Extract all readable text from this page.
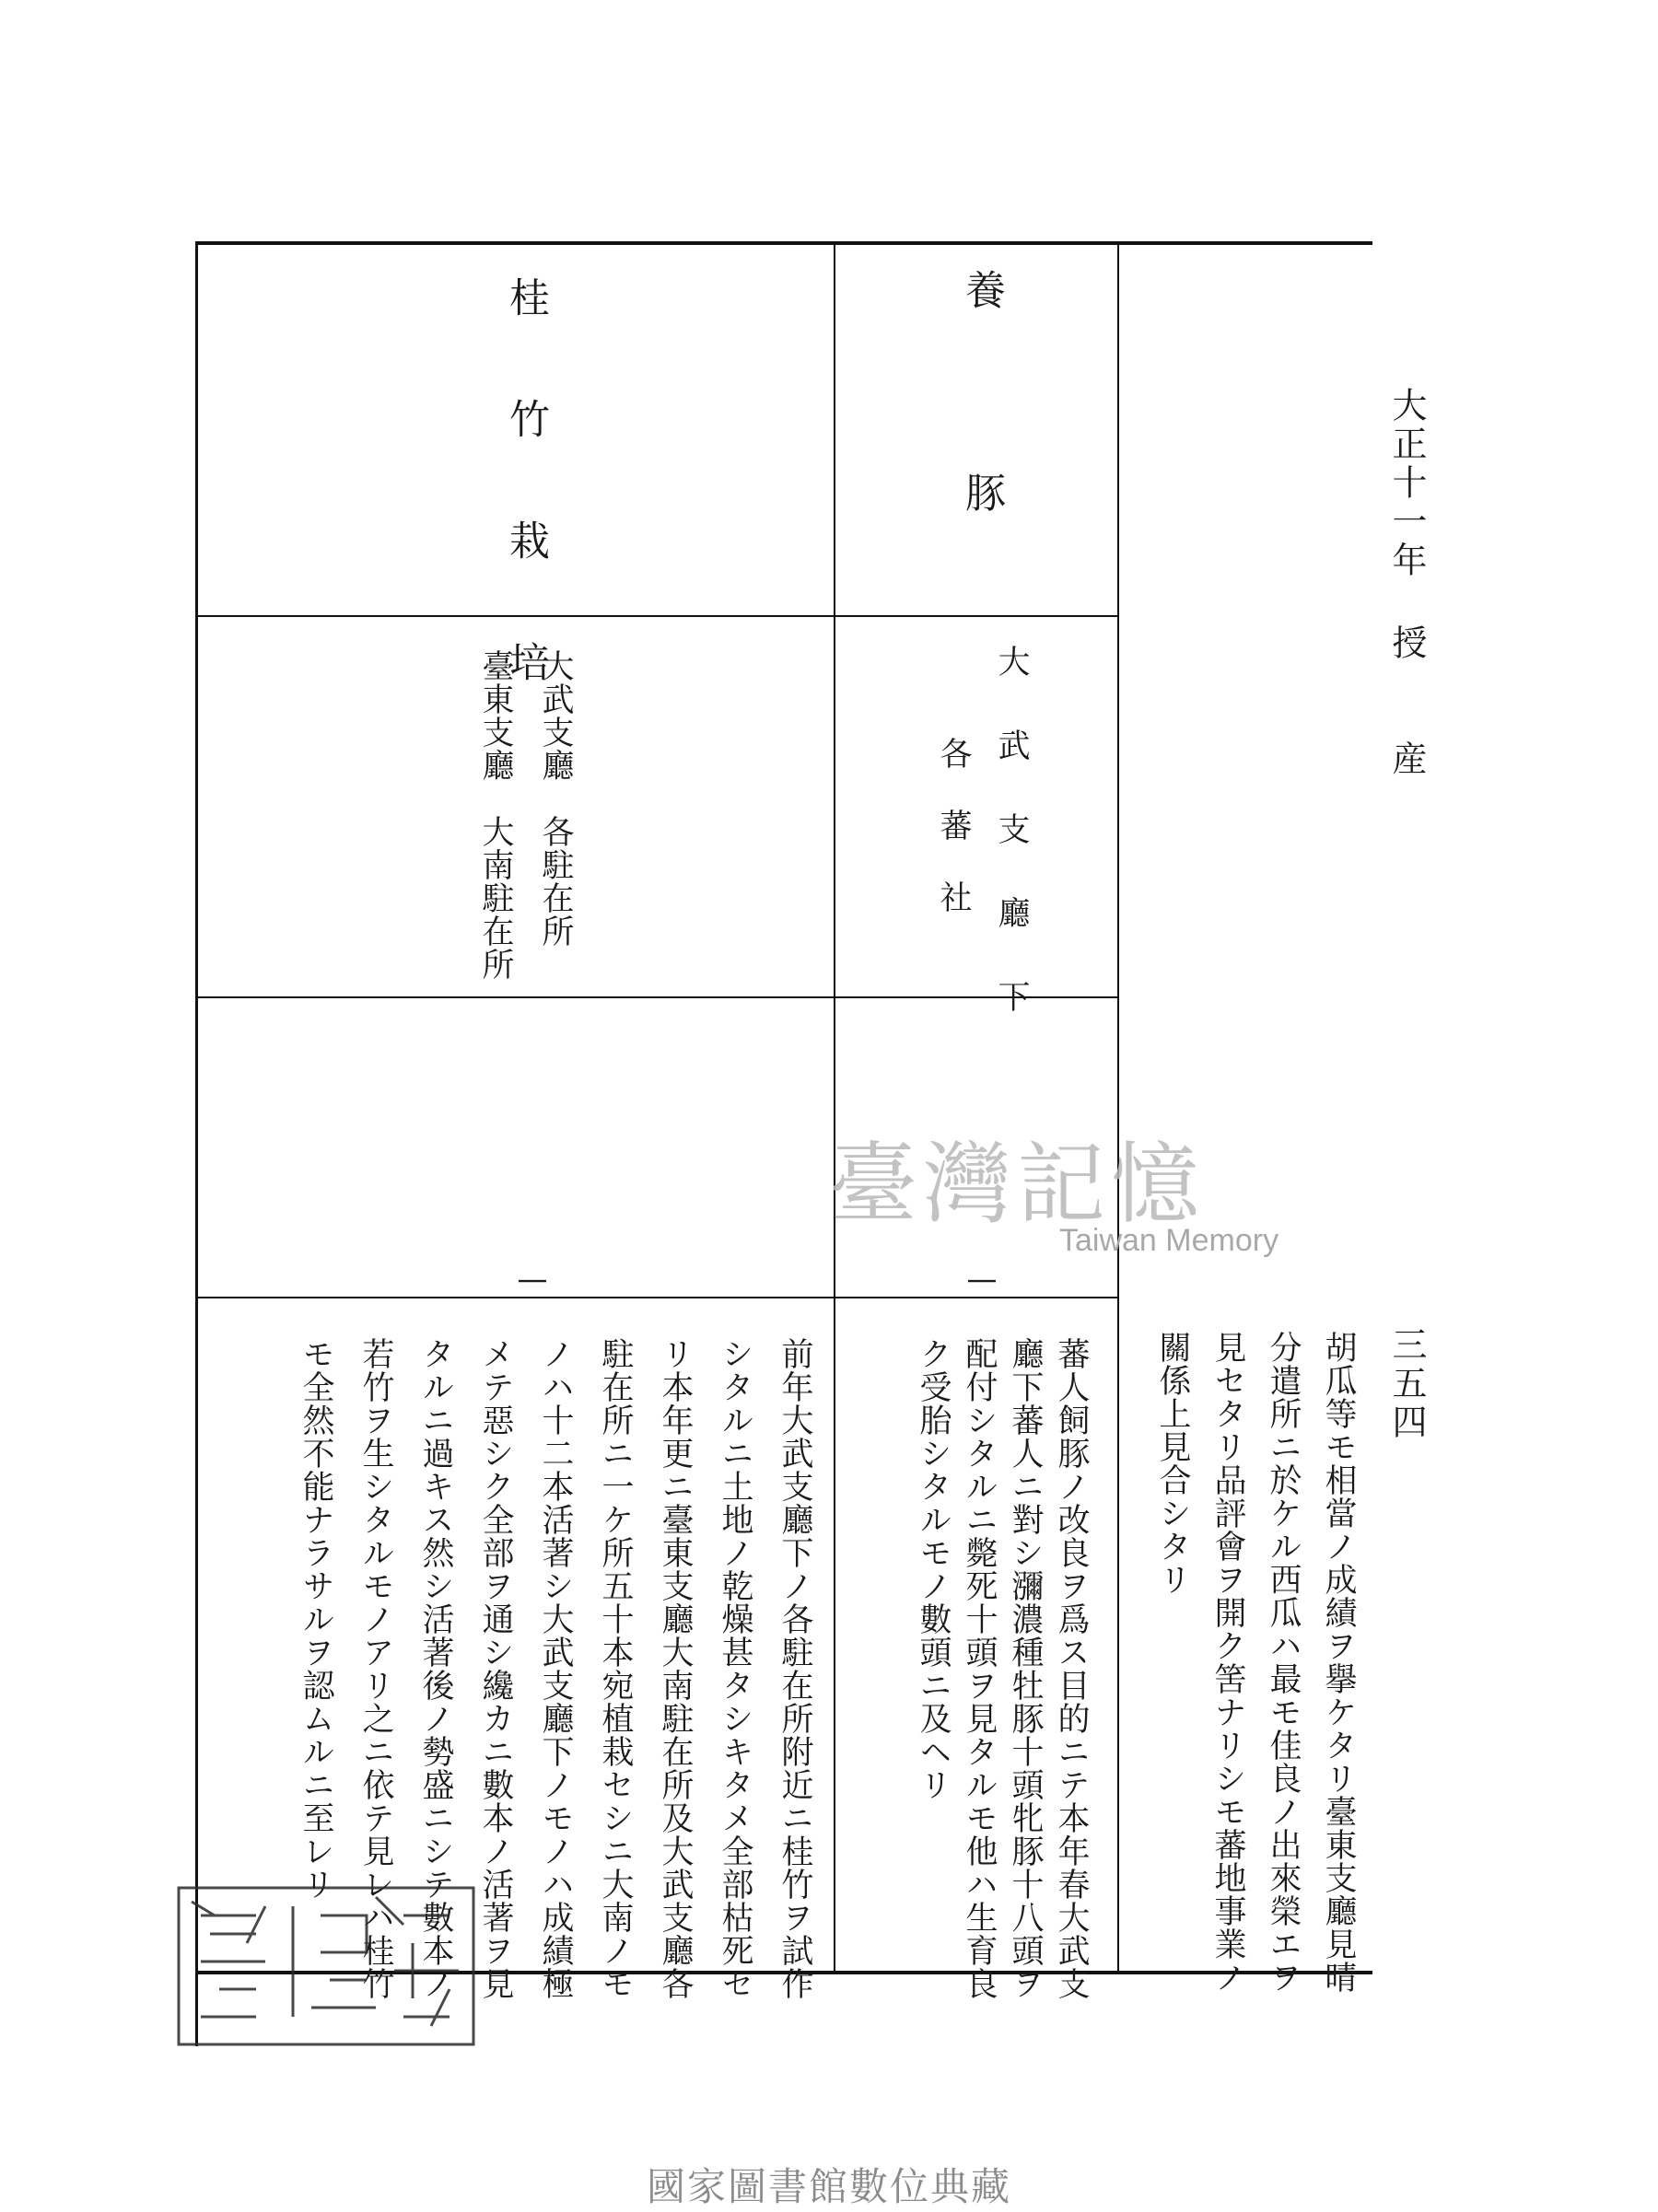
大正十一年 授　　産
三五四
養　　　　豚
大 武 支 廳 下
各　蕃　社
|
蕃人飼豚ノ改良ヲ爲ス目的ニテ本年春大武支
廳下蕃人ニ對シ瀰濃種牡豚十頭牝豚十八頭ヲ
配付シタルニ斃死十頭ヲ見タルモ他ハ生育良
ク受胎シタルモノ數頭ニ及ヘリ
桂　　竹　　栽　　培
大武支廳　各駐在所
臺東支廳　大南駐在所
|
前年大武支廳下ノ各駐在所附近ニ桂竹ヲ試作
シタルニ土地ノ乾燥甚タシキタメ全部枯死セ
リ本年更ニ臺東支廳大南駐在所及大武支廳各
駐在所ニ一ケ所五十本宛植栽セシニ大南ノモ
ノハ十二本活著シ大武支廳下ノモノハ成績極
メテ惡シク全部ヲ通シ纔カニ數本ノ活著ヲ見
タルニ過キス然シ活著後ノ勢盛ニシテ數本ノ
若竹ヲ生シタルモノアリ之ニ依テ見レハ桂竹
モ全然不能ナラサルヲ認ムルニ至レリ	胡瓜等モ相當ノ成績ヲ擧ケタリ臺東支廳見晴
分遣所ニ於ケル西瓜ハ最モ佳良ノ出來榮エヲ
見セタリ品評會ヲ開ク筈ナリシモ蕃地事業ノ
關係上見合シタリ
臺灣記憶
Taiwan Memory
國家圖書館數位典藏
